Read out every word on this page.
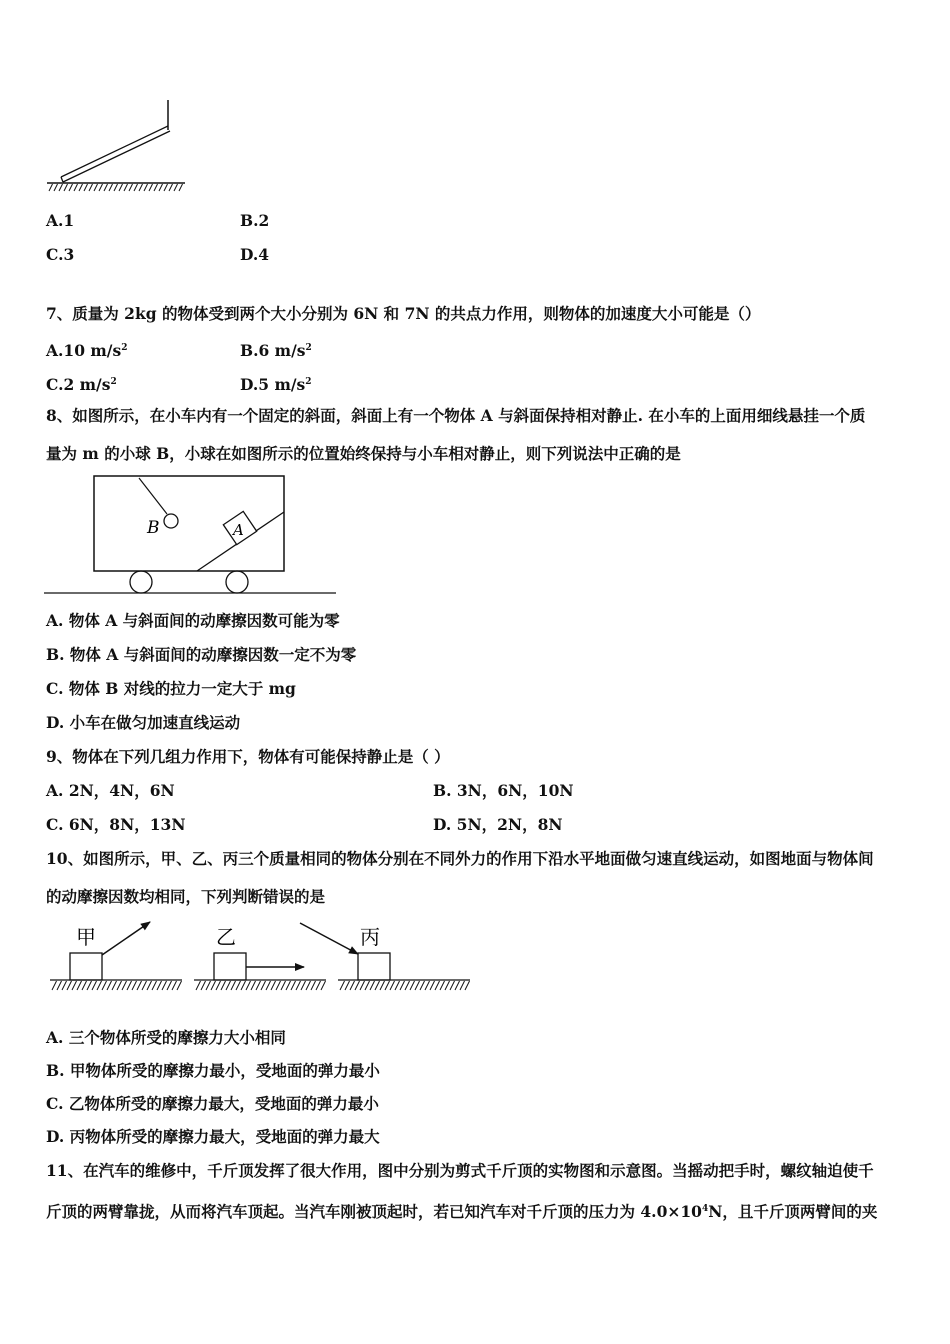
A.1	B.2
C.3	D.4
7、质量为 2kg 的物体受到两个大小分别为 6N 和 7N 的共点力作用，则物体的加速度大小可能是（）
A.10 $m/s^2$	B.6 $m/s^2$
C.2 $m/s^2$	D.5 $m/s^2$
8、如图所示，在小车内有一个固定的斜面，斜面上有一个物体 A 与斜面保持相对静止. 在小车的上面用细线悬挂一个质
量为 m 的小球 B，小球在如图所示的位置始终保持与小车相对静止，则下列说法中正确的是
B	A
A. 物体 A 与斜面间的动摩擦因数可能为零
B. 物体 A 与斜面间的动摩擦因数一定不为零
C. 物体 B 对线的拉力一定大于 mg
D. 小车在做匀加速直线运动
9、物体在下列几组力作用下，物体有可能保持静止是（ ）
A. 2N，4N，6N	B. 3N，6N，10N
C. 6N，8N，13N	D. 5N，2N，8N
10、如图所示，甲、乙、丙三个质量相同的物体分别在不同外力的作用下沿水平地面做匀速直线运动，如图地面与物体间
的动摩擦因数均相同，下列判断错误的是
甲	乙	丙
A. 三个物体所受的摩擦力大小相同
B. 甲物体所受的摩擦力最小，受地面的弹力最小
C. 乙物体所受的摩擦力最大，受地面的弹力最小
D. 丙物体所受的摩擦力最大，受地面的弹力最大
11、在汽车的维修中，千斤顶发挥了很大作用，图中分别为剪式千斤顶的实物图和示意图。当摇动把手时，螺纹轴迫使千
斤顶的两臂靠拢，从而将汽车顶起。当汽车刚被顶起时，若已知汽车对千斤顶的压力为 $4.0\times 10^4N$，且千斤顶两臂间的夹
